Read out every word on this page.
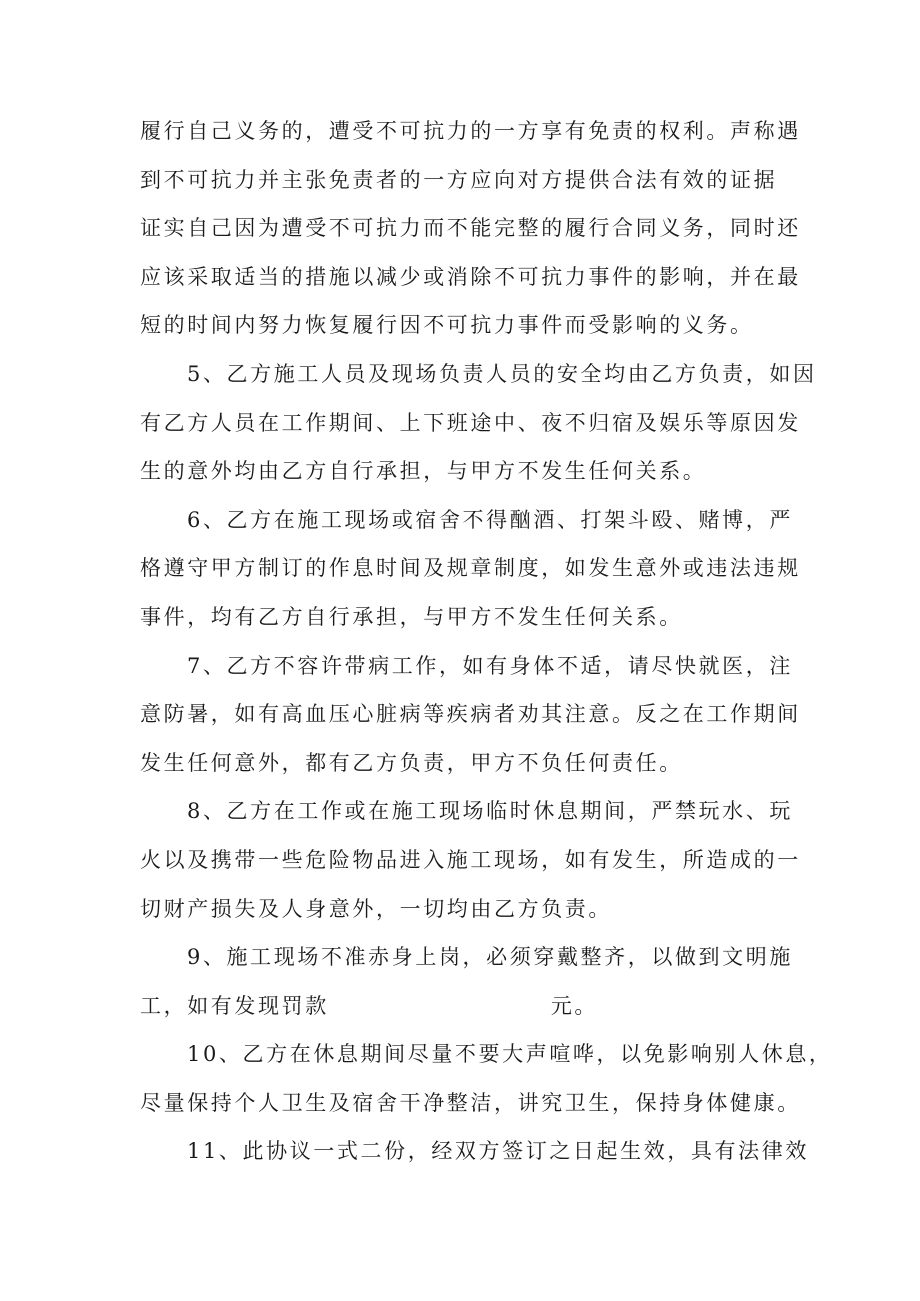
履行自己义务的，遭受不可抗力的一方享有免责的权利。声称遇
到不可抗力并主张免责者的一方应向对方提供合法有效的证据
证实自己因为遭受不可抗力而不能完整的履行合同义务，同时还
应该采取适当的措施以减少或消除不可抗力事件的影响，并在最
短的时间内努力恢复履行因不可抗力事件而受影响的义务。
5、乙方施工人员及现场负责人员的安全均由乙方负责，如因
有乙方人员在工作期间、上下班途中、夜不归宿及娱乐等原因发
生的意外均由乙方自行承担，与甲方不发生任何关系。
6、乙方在施工现场或宿舍不得酗酒、打架斗殴、赌博，严
格遵守甲方制订的作息时间及规章制度，如发生意外或违法违规
事件，均有乙方自行承担，与甲方不发生任何关系。
7、乙方不容许带病工作，如有身体不适，请尽快就医，注
意防暑，如有高血压心脏病等疾病者劝其注意。反之在工作期间
发生任何意外，都有乙方负责，甲方不负任何责任。
8、乙方在工作或在施工现场临时休息期间，严禁玩水、玩
火以及携带一些危险物品进入施工现场，如有发生，所造成的一
切财产损失及人身意外，一切均由乙方负责。
9、施工现场不准赤身上岗，必须穿戴整齐，以做到文明施
工，如有发现罚款	元。
10、乙方在休息期间尽量不要大声喧哗，以免影响别人休息，
尽量保持个人卫生及宿舍干净整洁，讲究卫生，保持身体健康。
11、此协议一式二份，经双方签订之日起生效，具有法律效
